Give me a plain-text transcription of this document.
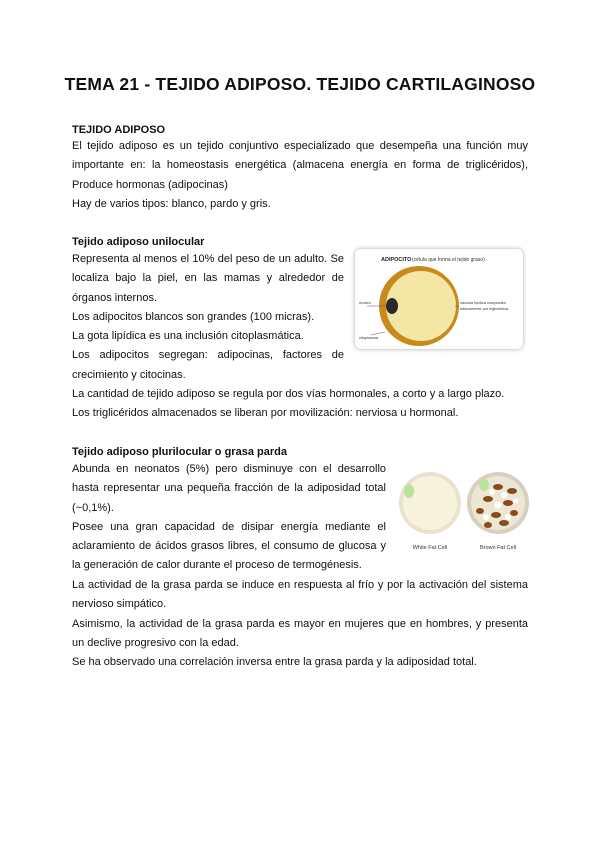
TEMA 21 - TEJIDO ADIPOSO. TEJIDO CARTILAGINOSO
TEJIDO ADIPOSO
El tejido adiposo es un tejido conjuntivo especializado que desempeña una función muy
importante en: la homeostasis energética (almacena energía en forma de triglicéridos),
Produce hormonas (adipocinas)
Hay de varios tipos: blanco, pardo y gris.
Tejido adiposo unilocular
Representa al menos el 10% del peso de un adulto. Se
localiza bajo la piel, en las mamas y alrededor de
órganos internos.
Los adipocitos blancos son grandes (100 micras).
La gota lipídica es una inclusión citoplasmática.
Los adipocitos segregan: adipocinas, factores de
crecimiento y citocinas.
La cantidad de tejido adiposo se regula por dos vías hormonales, a corto y a largo plazo.
Los triglicéridos almacenados se liberan por movilización: nerviosa u hormonal.
ADIPOCITO (célula que forma el tejido graso)
núcleo
citoplasma
vacuola lipídica compuesta
básicamente por triglicéridos
Tejido adiposo plurilocular o grasa parda
Abunda en neonatos (5%) pero disminuye con el desarrollo
hasta representar una pequeña fracción de la adiposidad total
(~0,1%).
Posee una gran capacidad de disipar energía mediante el
aclaramiento de ácidos grasos libres, el consumo de glucosa y
la generación de calor durante el proceso de termogénesis.
La actividad de la grasa parda se induce en respuesta al frío y por la activación del sistema
nervioso simpático.
Asimismo, la actividad de la grasa parda es mayor en mujeres que en hombres, y presenta
un declive progresivo con la edad.
Se ha observado una correlación inversa entre la grasa parda y la adiposidad total.
White Fat Cell	Brown Fat Cell
